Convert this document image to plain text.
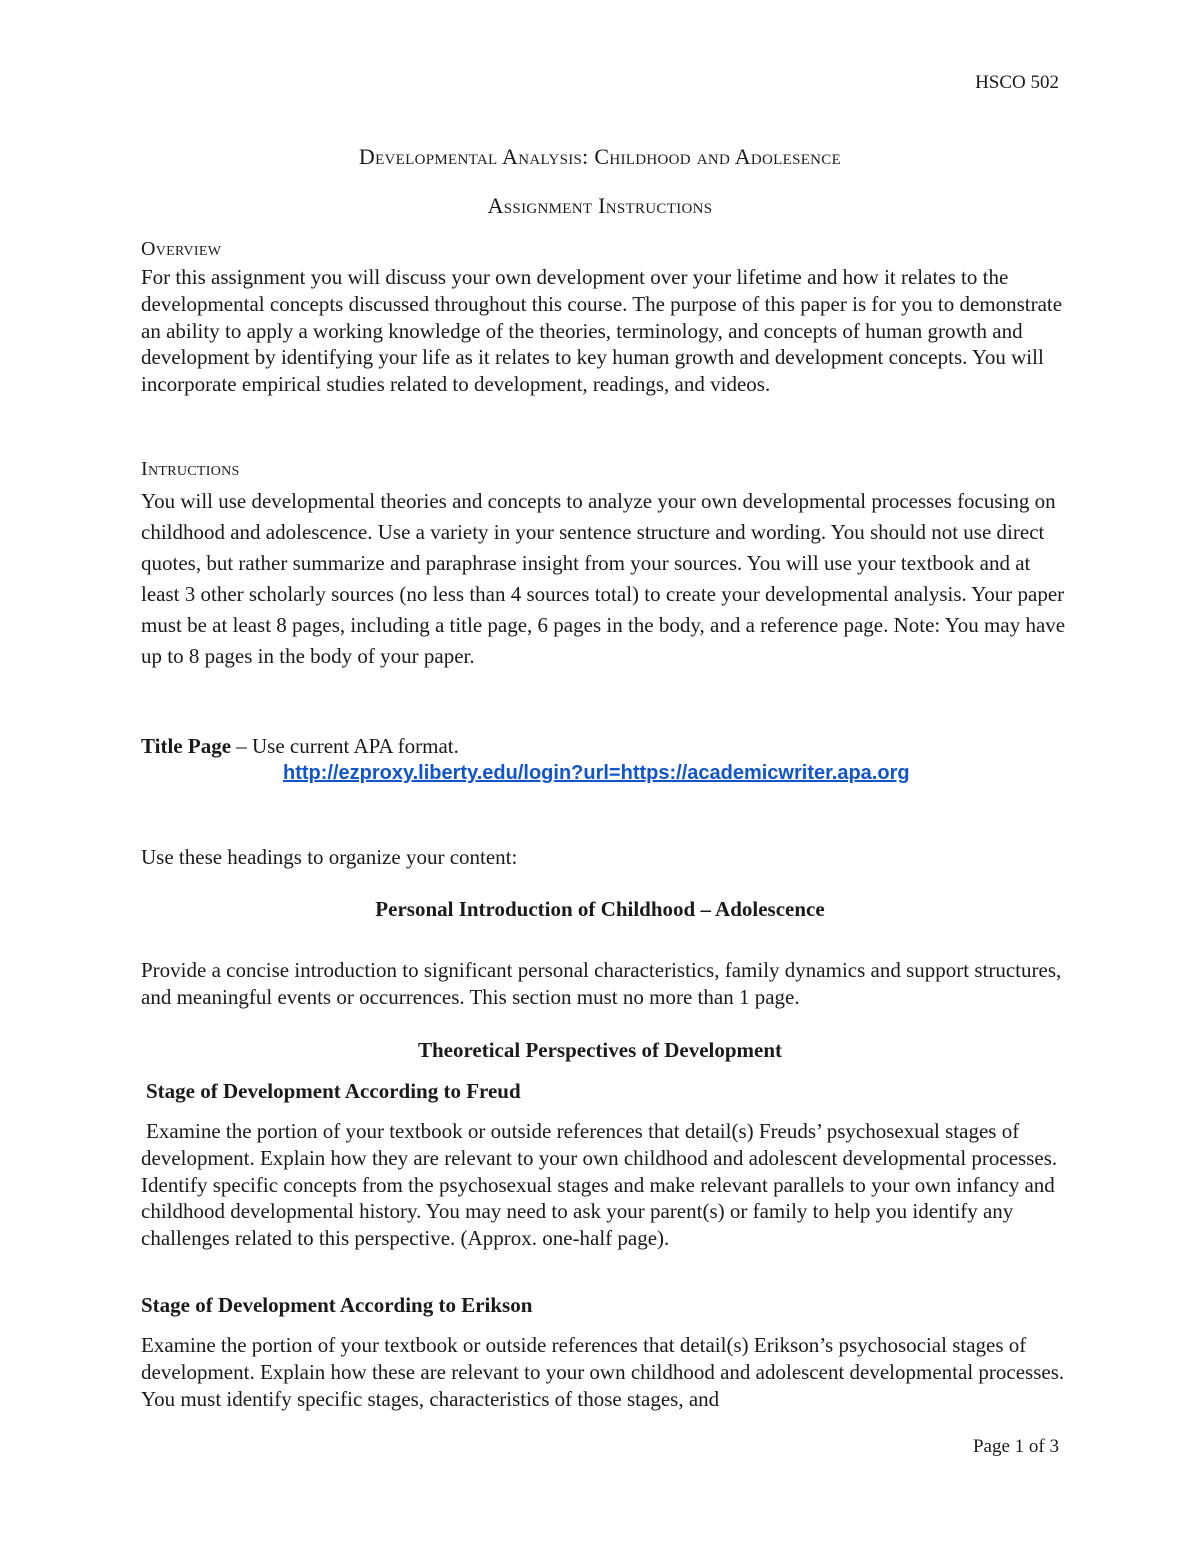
HSCO 502

Developmental Analysis: Childhood and Adolesence

Assignment Instructions

Overview

For this assignment you will discuss your own development over your lifetime and how it relates to the developmental concepts discussed throughout this course. The purpose of this paper is for you to demonstrate an ability to apply a working knowledge of the theories, terminology, and concepts of human growth and development by identifying your life as it relates to key human growth and development concepts. You will incorporate empirical studies related to development, readings, and videos.

Intructions

You will use developmental theories and concepts to analyze your own developmental processes focusing on childhood and adolescence. Use a variety in your sentence structure and wording. You should not use direct quotes, but rather summarize and paraphrase insight from your sources. You will use your textbook and at least 3 other scholarly sources (no less than 4 sources total) to create your developmental analysis. Your paper must be at least 8 pages, including a title page, 6 pages in the body, and a reference page. Note: You may have up to 8 pages in the body of your paper.

Title Page – Use current APA format.

http://ezproxy.liberty.edu/login?url=https://academicwriter.apa.org

Use these headings to organize your content:

Personal Introduction of Childhood – Adolescence

Provide a concise introduction to significant personal characteristics, family dynamics and support structures, and meaningful events or occurrences. This section must no more than 1 page.

Theoretical Perspectives of Development

Stage of Development According to Freud

Examine the portion of your textbook or outside references that detail(s) Freuds’ psychosexual stages of development. Explain how they are relevant to your own childhood and adolescent developmental processes. Identify specific concepts from the psychosexual stages and make relevant parallels to your own infancy and childhood developmental history. You may need to ask your parent(s) or family to help you identify any challenges related to this perspective. (Approx. one-half page).

Stage of Development According to Erikson

Examine the portion of your textbook or outside references that detail(s) Erikson’s psychosocial stages of development. Explain how these are relevant to your own childhood and adolescent developmental processes. You must identify specific stages, characteristics of those stages, and

Page 1 of 3
